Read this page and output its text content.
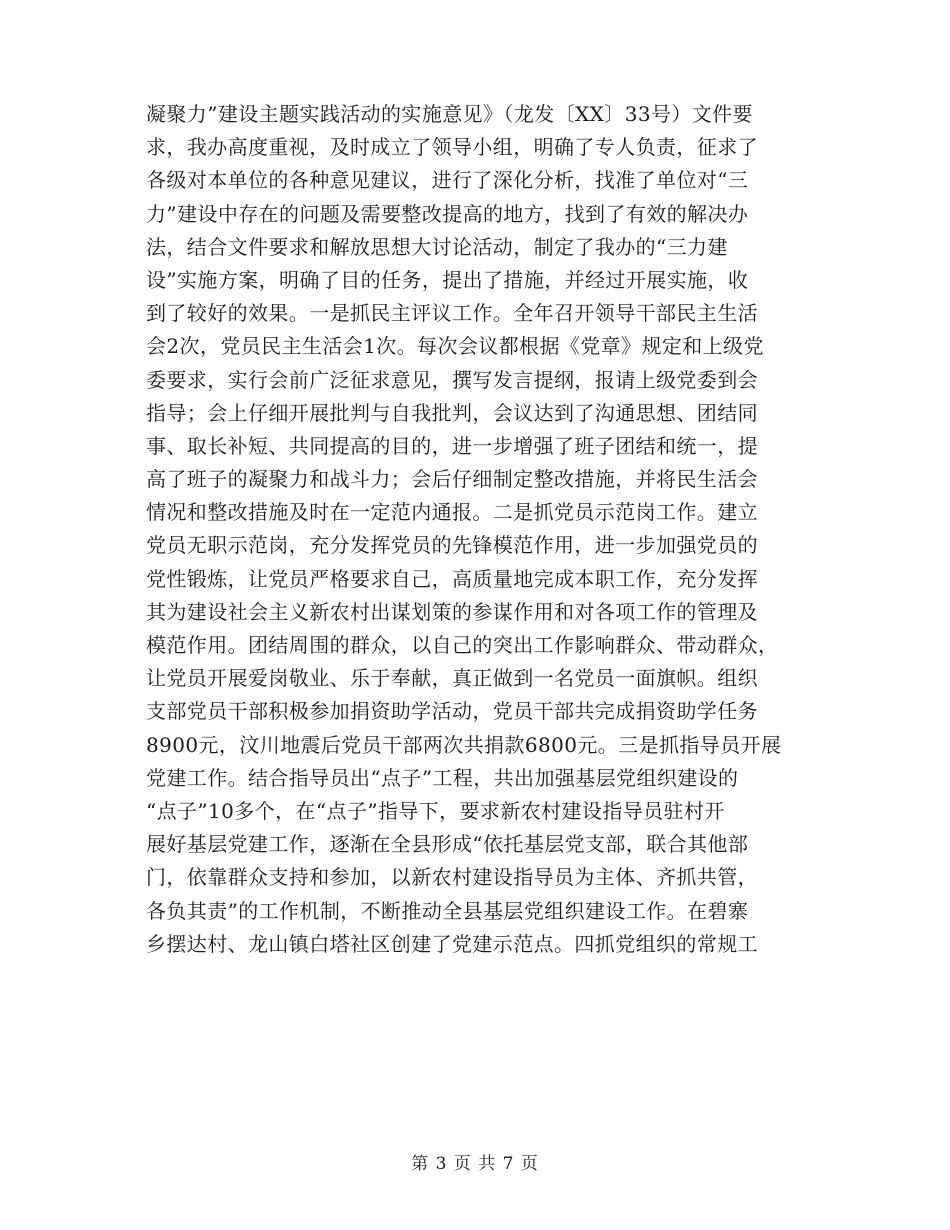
凝聚力”建设主题实践活动的实施意见》（龙发〔XX〕33号）文件要
求，我办高度重视，及时成立了领导小组，明确了专人负责，征求了
各级对本单位的各种意见建议，进行了深化分析，找准了单位对“三
力”建设中存在的问题及需要整改提高的地方，找到了有效的解决办
法，结合文件要求和解放思想大讨论活动，制定了我办的“三力建
设”实施方案，明确了目的任务，提出了措施，并经过开展实施，收
到了较好的效果。一是抓民主评议工作。全年召开领导干部民主生活
会2次，党员民主生活会1次。每次会议都根据《党章》规定和上级党
委要求，实行会前广泛征求意见，撰写发言提纲，报请上级党委到会
指导；会上仔细开展批判与自我批判，会议达到了沟通思想、团结同
事、取长补短、共同提高的目的，进一步增强了班子团结和统一，提
高了班子的凝聚力和战斗力；会后仔细制定整改措施，并将民生活会
情况和整改措施及时在一定范内通报。二是抓党员示范岗工作。建立
党员无职示范岗，充分发挥党员的先锋模范作用，进一步加强党员的
党性锻炼，让党员严格要求自己，高质量地完成本职工作，充分发挥
其为建设社会主义新农村出谋划策的参谋作用和对各项工作的管理及
模范作用。团结周围的群众，以自己的突出工作影响群众、带动群众，
让党员开展爱岗敬业、乐于奉献，真正做到一名党员一面旗帜。组织
支部党员干部积极参加捐资助学活动，党员干部共完成捐资助学任务
8900元，汶川地震后党员干部两次共捐款6800元。三是抓指导员开展
党建工作。结合指导员出“点子”工程，共出加强基层党组织建设的
“点子”10多个，在“点子”指导下，要求新农村建设指导员驻村开
展好基层党建工作，逐渐在全县形成“依托基层党支部，联合其他部
门，依靠群众支持和参加，以新农村建设指导员为主体、齐抓共管，
各负其责”的工作机制，不断推动全县基层党组织建设工作。在碧寨
乡摆达村、龙山镇白塔社区创建了党建示范点。四抓党组织的常规工
第 3 页 共 7 页
